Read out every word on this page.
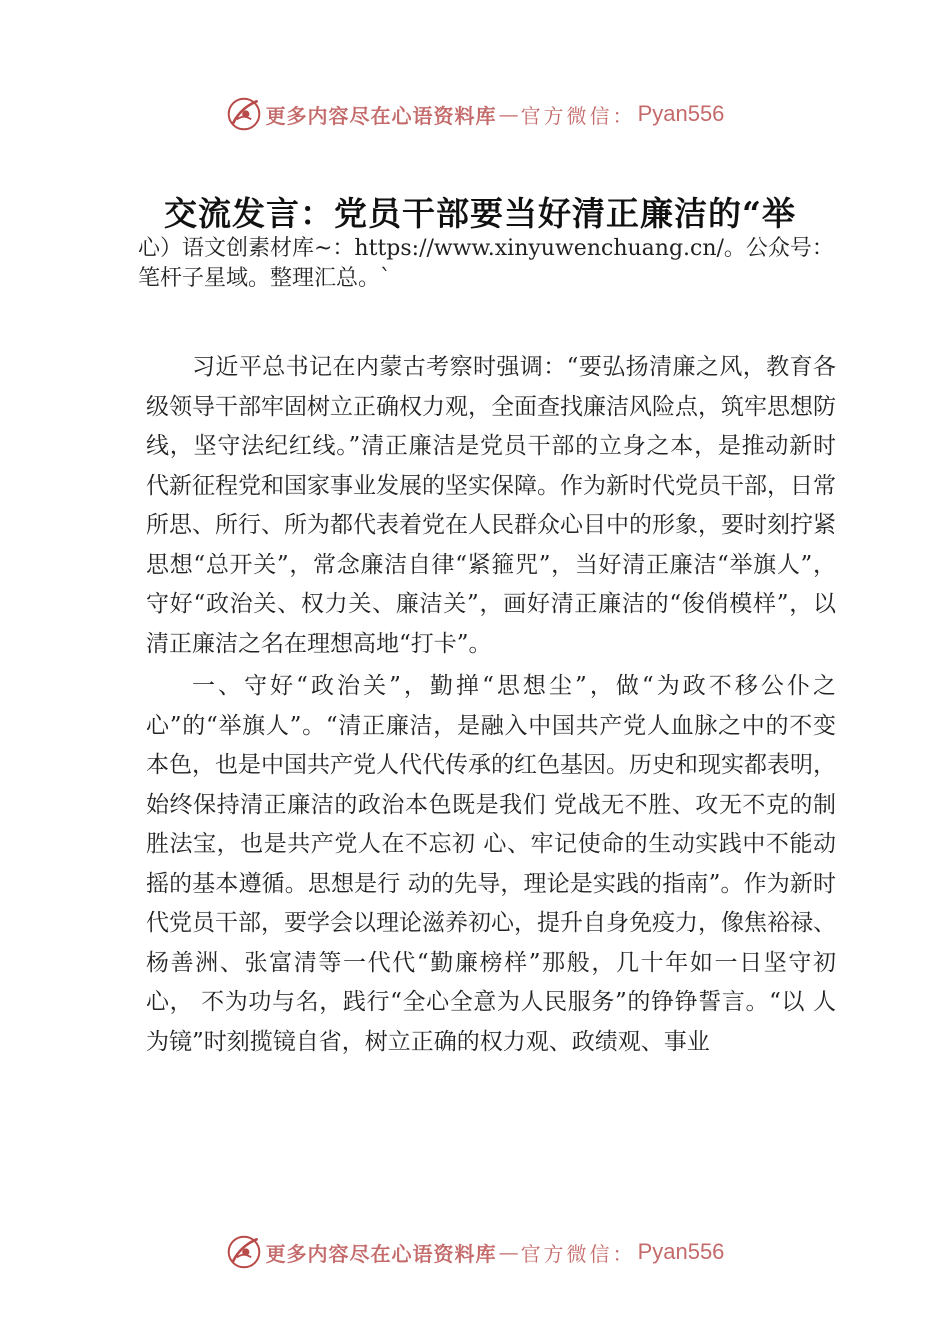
更多内容尽在心语资料库 — 官方微信： Pyan556
交流发言：党员干部要当好清正廉洁的“举
心）语文创素材库~：https://www.xinyuwenchuang.cn/。公众号：笔杆子星域。整理汇总。`

习近平总书记在内蒙古考察时强调：“要弘扬清廉之风，教育各级领导干部牢固树立正确权力观，全面查找廉洁风险点，筑牢思想防线，坚守法纪红线。”清正廉洁是党员干部的立身之本，是推动新时代新征程党和国家事业发展的坚实保障。作为新时代党员干部，日常所思、所行、所为都代表着党在人民群众心目中的形象，要时刻拧紧思想“总开关”，常念廉洁自律“紧箍咒”，当好清正廉洁“举旗人”，守好“政治关、权力关、廉洁关”，画好清正廉洁的“俊俏模样”，以清正廉洁之名在理想高地“打卡”。

一、守好“政治关”，勤掸“思想尘”，做“为政不移公仆之心”的“举旗人”。“清正廉洁，是融入中国共产党人血脉之中的不变本色，也是中国共产党人代代传承的红色基因。历史和现实都表明，始终保持清正廉洁的政治本色既是我们 党战无不胜、攻无不克的制胜法宝，也是共产党人在不忘初 心、牢记使命的生动实践中不能动摇的基本遵循。思想是行 动的先导，理论是实践的指南”。作为新时代党员干部，要学会以理论滋养初心，提升自身免疫力，像焦裕禄、杨善洲、张富清等一代代“勤廉榜样”那般，几十年如一日坚守初心， 不为功与名，践行“全心全意为人民服务”的铮铮誓言。“以 人为镜”时刻揽镜自省，树立正确的权力观、政绩观、事业

更多内容尽在心语资料库 — 官方微信： Pyan556
